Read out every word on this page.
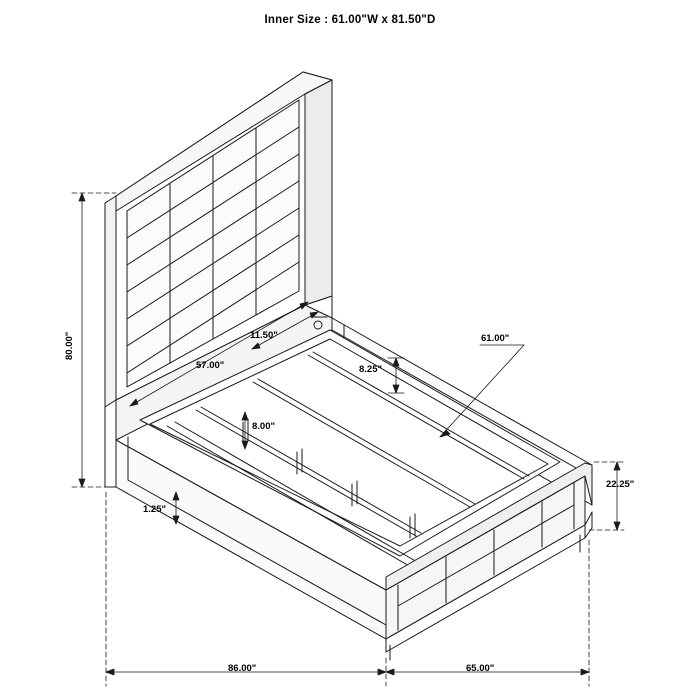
Inner Size : 61.00"W x 81.50"D
80.00"
57.00"
11.50"
8.00"
8.25"
61.00"
1.25"
22.25"
86.00"	65.00"
